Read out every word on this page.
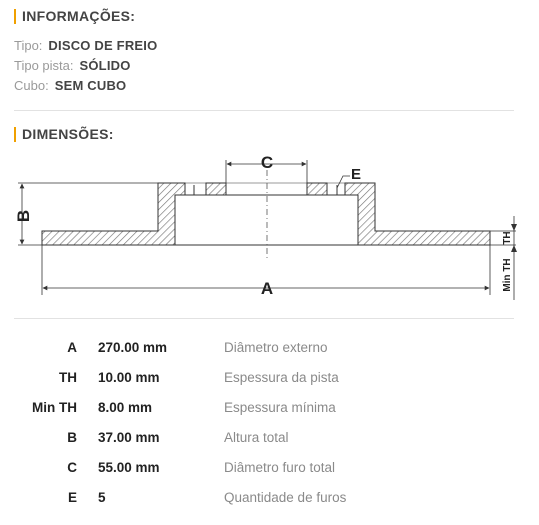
INFORMAÇÕES:
Tipo: DISCO DE FREIO
Tipo pista: SÓLIDO
Cubo: SEM CUBO
DIMENSÕES:
C
E
B
A
TH
Min TH
A 270.00 mm	Diâmetro externo
TH 10.00 mm	Espessura da pista
Min TH 8.00 mm	Espessura mínima
B 37.00 mm	Altura total
C 55.00 mm	Diâmetro furo total
E 5	Quantidade de furos
